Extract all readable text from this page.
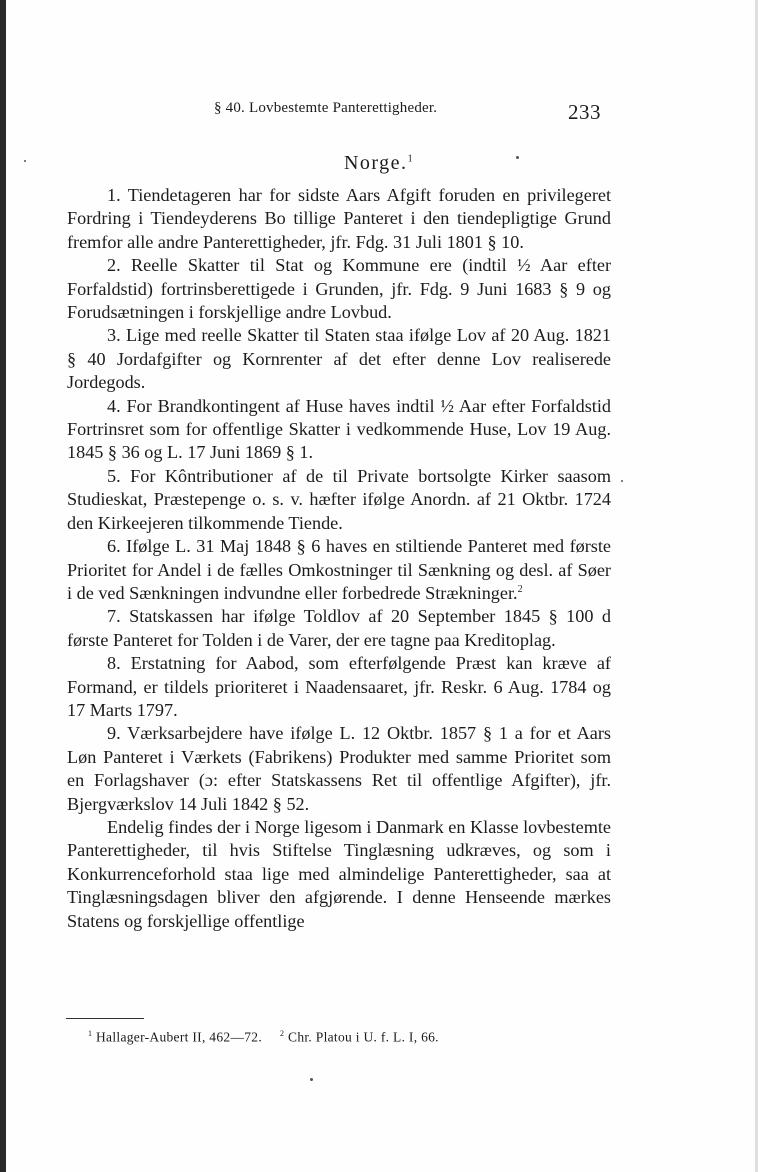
§ 40. Lovbestemte Panterettigheder.	233
Norge.$^1$

1. Tiendetageren har for sidste Aars Afgift foruden en privilegeret Fordring i Tiendeyderens Bo tillige Panteret i den tiendepligtige Grund fremfor alle andre Panterettigheder, jfr. Fdg. 31 Juli 1801 § 10.

2. Reelle Skatter til Stat og Kommune ere (indtil ½ Aar efter Forfaldstid) fortrinsberettigede i Grunden, jfr. Fdg. 9 Juni 1683 § 9 og Forudsætningen i forskjellige andre Lovbud.

3. Lige med reelle Skatter til Staten staa ifølge Lov af 20 Aug. 1821 § 40 Jordafgifter og Kornrenter af det efter denne Lov realiserede Jordegods.

4. For Brandkontingent af Huse haves indtil ½ Aar efter Forfaldstid Fortrinsret som for offentlige Skatter i vedkommende Huse, Lov 19 Aug. 1845 § 36 og L. 17 Juni 1869 § 1.

5. For Kôntributioner af de til Private bortsolgte Kirker saasom Studieskat, Præstepenge o. s. v. hæfter ifølge Anordn. af 21 Oktbr. 1724 den Kirkeejeren tilkommende Tiende.

6. Ifølge L. 31 Maj 1848 § 6 haves en stiltiende Panteret med første Prioritet for Andel i de fælles Omkostninger til Sænkning og desl. af Søer i de ved Sænkningen indvundne eller forbedrede Strækninger.$^2$

7. Statskassen har ifølge Toldlov af 20 September 1845 § 100 d første Panteret for Tolden i de Varer, der ere tagne paa Kreditoplag.

8. Erstatning for Aabod, som efterfølgende Præst kan kræve af Formand, er tildels prioriteret i Naadensaaret, jfr. Reskr. 6 Aug. 1784 og 17 Marts 1797.

9. Værksarbejdere have ifølge L. 12 Oktbr. 1857 § 1 a for et Aars Løn Panteret i Værkets (Fabrikens) Produkter med samme Prioritet som en Forlagshaver (ɔ: efter Statskassens Ret til offentlige Afgifter), jfr. Bjergværkslov 14 Juli 1842 § 52.

Endelig findes der i Norge ligesom i Danmark en Klasse lovbestemte Panterettigheder, til hvis Stiftelse Tinglæsning udkræves, og som i Konkurrenceforhold staa lige med almindelige Panterettigheder, saa at Tinglæsningsdagen bliver den afgjørende. I denne Henseende mærkes Statens og forskjellige offentlige

$^1$ Hallager-Aubert II, 462—72. $^2$ Chr. Platou i U. f. L. I, 66.
